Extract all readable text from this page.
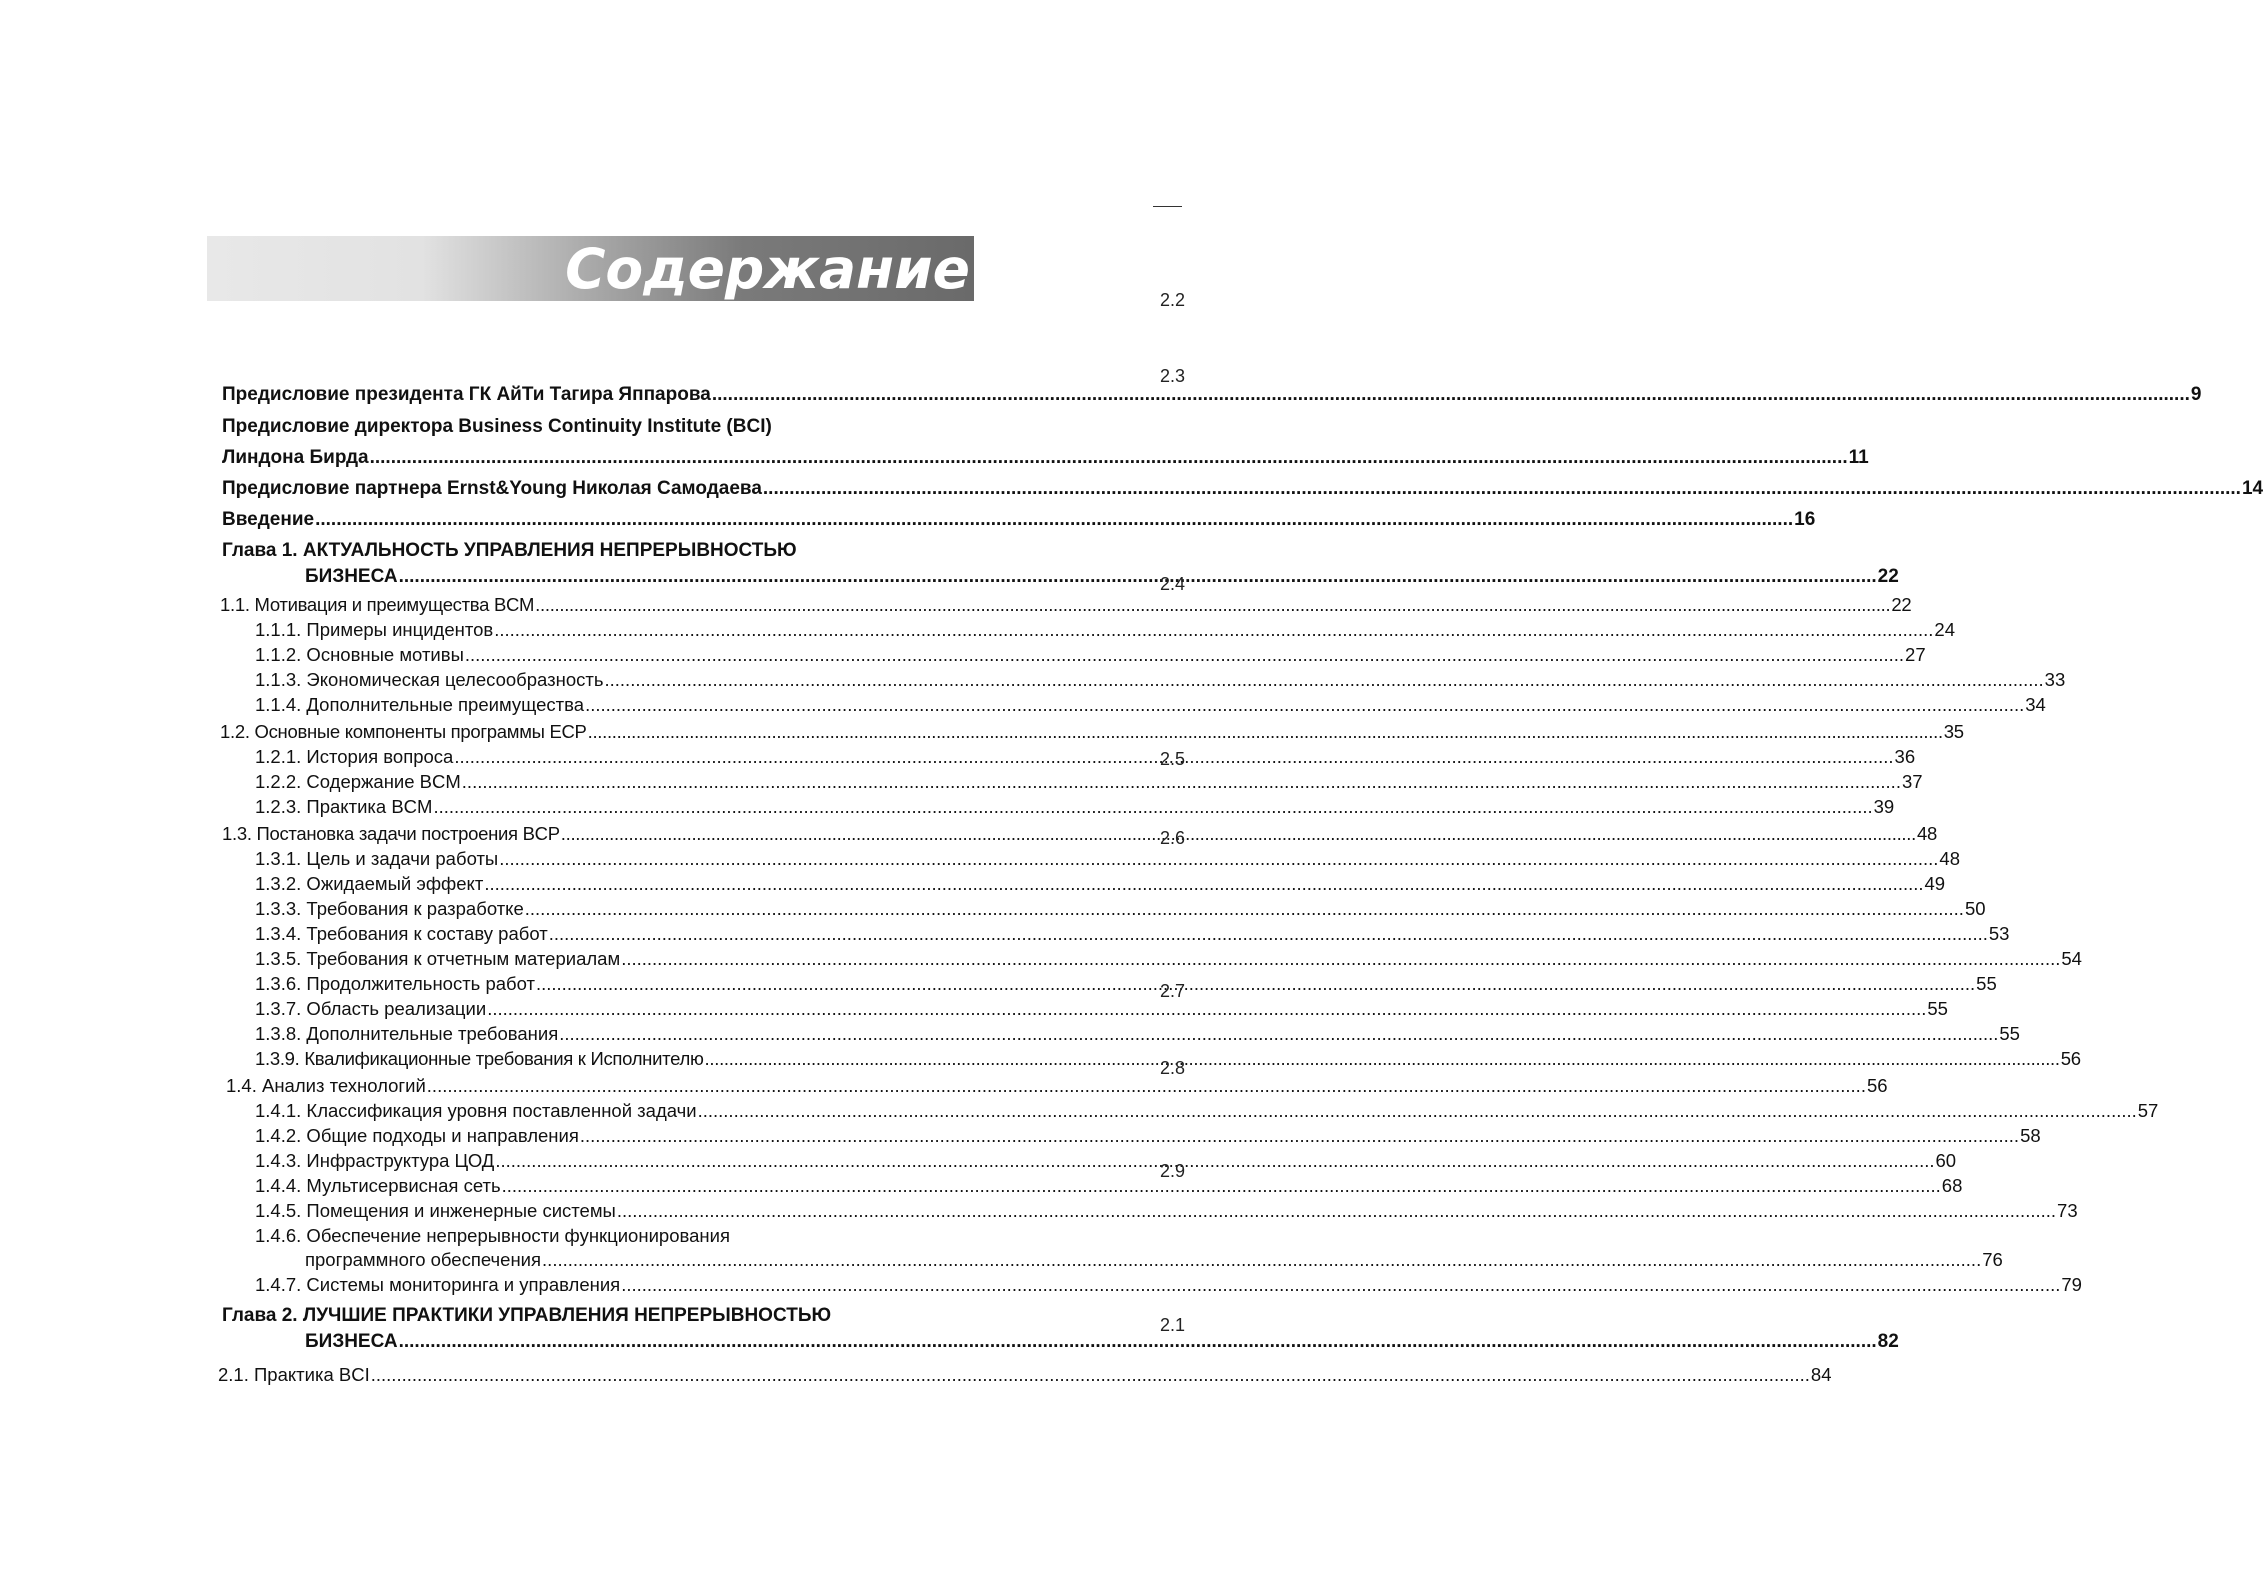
Содержание
Предисловие президента ГК АйТи Тагира Яппарова .....	9
Предисловие директора Business Continuity Institute (BCI)
Линдона Бирда .....	11
Предисловие партнера Ernst&Young Николая Самодаева .....	14
Введение .....	16
Глава 1. АКТУАЛЬНОСТЬ УПРАВЛЕНИЯ НЕПРЕРЫВНОСТЬЮ
БИЗНЕСА .....	22
1.1. Мотивация и преимущества BCM .....	22
1.1.1. Примеры инцидентов .....	24
1.1.2. Основные мотивы .....	27
1.1.3. Экономическая целесообразность .....	33
1.1.4. Дополнительные преимущества .....	34
1.2. Основные компоненты программы ECP .....	35
1.2.1. История вопроса .....	36
1.2.2. Содержание BCM .....	37
1.2.3. Практика BCM .....	39
1.3. Постановка задачи построения BCP .....	48
1.3.1. Цель и задачи работы .....	48
1.3.2. Ожидаемый эффект .....	49
1.3.3. Требования к разработке .....	50
1.3.4. Требования к составу работ .....	53
1.3.5. Требования к отчетным материалам .....	54
1.3.6. Продолжительность работ .....	55
1.3.7. Область реализации .....	55
1.3.8. Дополнительные требования .....	55
1.3.9. Квалификационные требования к Исполнителю .....	56
1.4. Анализ технологий .....	56
1.4.1. Классификация уровня поставленной задачи .....	57
1.4.2. Общие подходы и направления .....	58
1.4.3. Инфраструктура ЦОД .....	60
1.4.4. Мультисервисная сеть .....	68
1.4.5. Помещения и инженерные системы .....	73
1.4.6. Обеспечение непрерывности функционирования
программного обеспечения .....	76
1.4.7. Системы мониторинга и управления .....	79
Глава 2. ЛУЧШИЕ ПРАКТИКИ УПРАВЛЕНИЯ НЕПРЕРЫВНОСТЬЮ
БИЗНЕСА .....	82
2.1. Практика BCI .....	84
2.2
2.3
2.4
2.5
2.6
2.7
2.8
2.9
2.1
